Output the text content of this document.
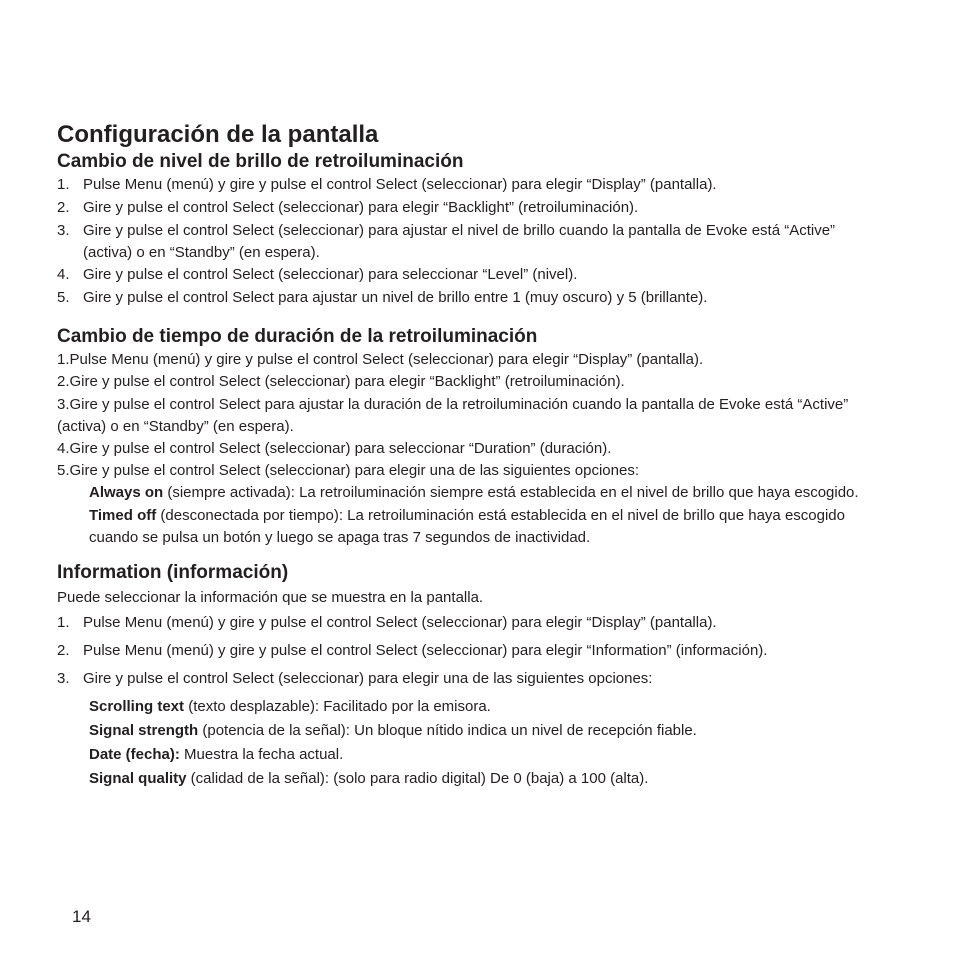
Configuración de la pantalla
Cambio de nivel de brillo de retroiluminación
1. Pulse Menu (menú) y gire y pulse el control Select (seleccionar) para elegir “Display” (pantalla).
2. Gire y pulse el control Select (seleccionar) para elegir “Backlight” (retroiluminación).
3. Gire y pulse el control Select (seleccionar) para ajustar el nivel de brillo cuando la pantalla de Evoke está “Active” (activa) o en “Standby” (en espera).
4. Gire y pulse el control Select (seleccionar) para seleccionar “Level” (nivel).
5. Gire y pulse el control Select para ajustar un nivel de brillo entre 1 (muy oscuro) y 5 (brillante).
Cambio de tiempo de duración de la retroiluminación
1.Pulse Menu (menú) y gire y pulse el control Select (seleccionar) para elegir “Display” (pantalla).
2.Gire y pulse el control Select (seleccionar) para elegir “Backlight” (retroiluminación).
3.Gire y pulse el control Select para ajustar la duración de la retroiluminación cuando la pantalla de Evoke está “Active” (activa) o en “Standby” (en espera).
4.Gire y pulse el control Select (seleccionar) para seleccionar “Duration” (duración).
5.Gire y pulse el control Select (seleccionar) para elegir una de las siguientes opciones:
Always on (siempre activada): La retroiluminación siempre está establecida en el nivel de brillo que haya escogido.
Timed off (desconectada por tiempo): La retroiluminación está establecida en el nivel de brillo que haya escogido cuando se pulsa un botón y luego se apaga tras 7 segundos de inactividad.
Information (información)
Puede seleccionar la información que se muestra en la pantalla.
1. Pulse Menu (menú) y gire y pulse el control Select (seleccionar) para elegir “Display” (pantalla).
2. Pulse Menu (menú) y gire y pulse el control Select (seleccionar) para elegir “Information” (información).
3. Gire y pulse el control Select (seleccionar) para elegir una de las siguientes opciones:
Scrolling text (texto desplazable): Facilitado por la emisora.
Signal strength (potencia de la señal): Un bloque nítido indica un nivel de recepción fiable.
Date (fecha): Muestra la fecha actual.
Signal quality (calidad de la señal): (solo para radio digital) De 0 (baja) a 100 (alta).
14
